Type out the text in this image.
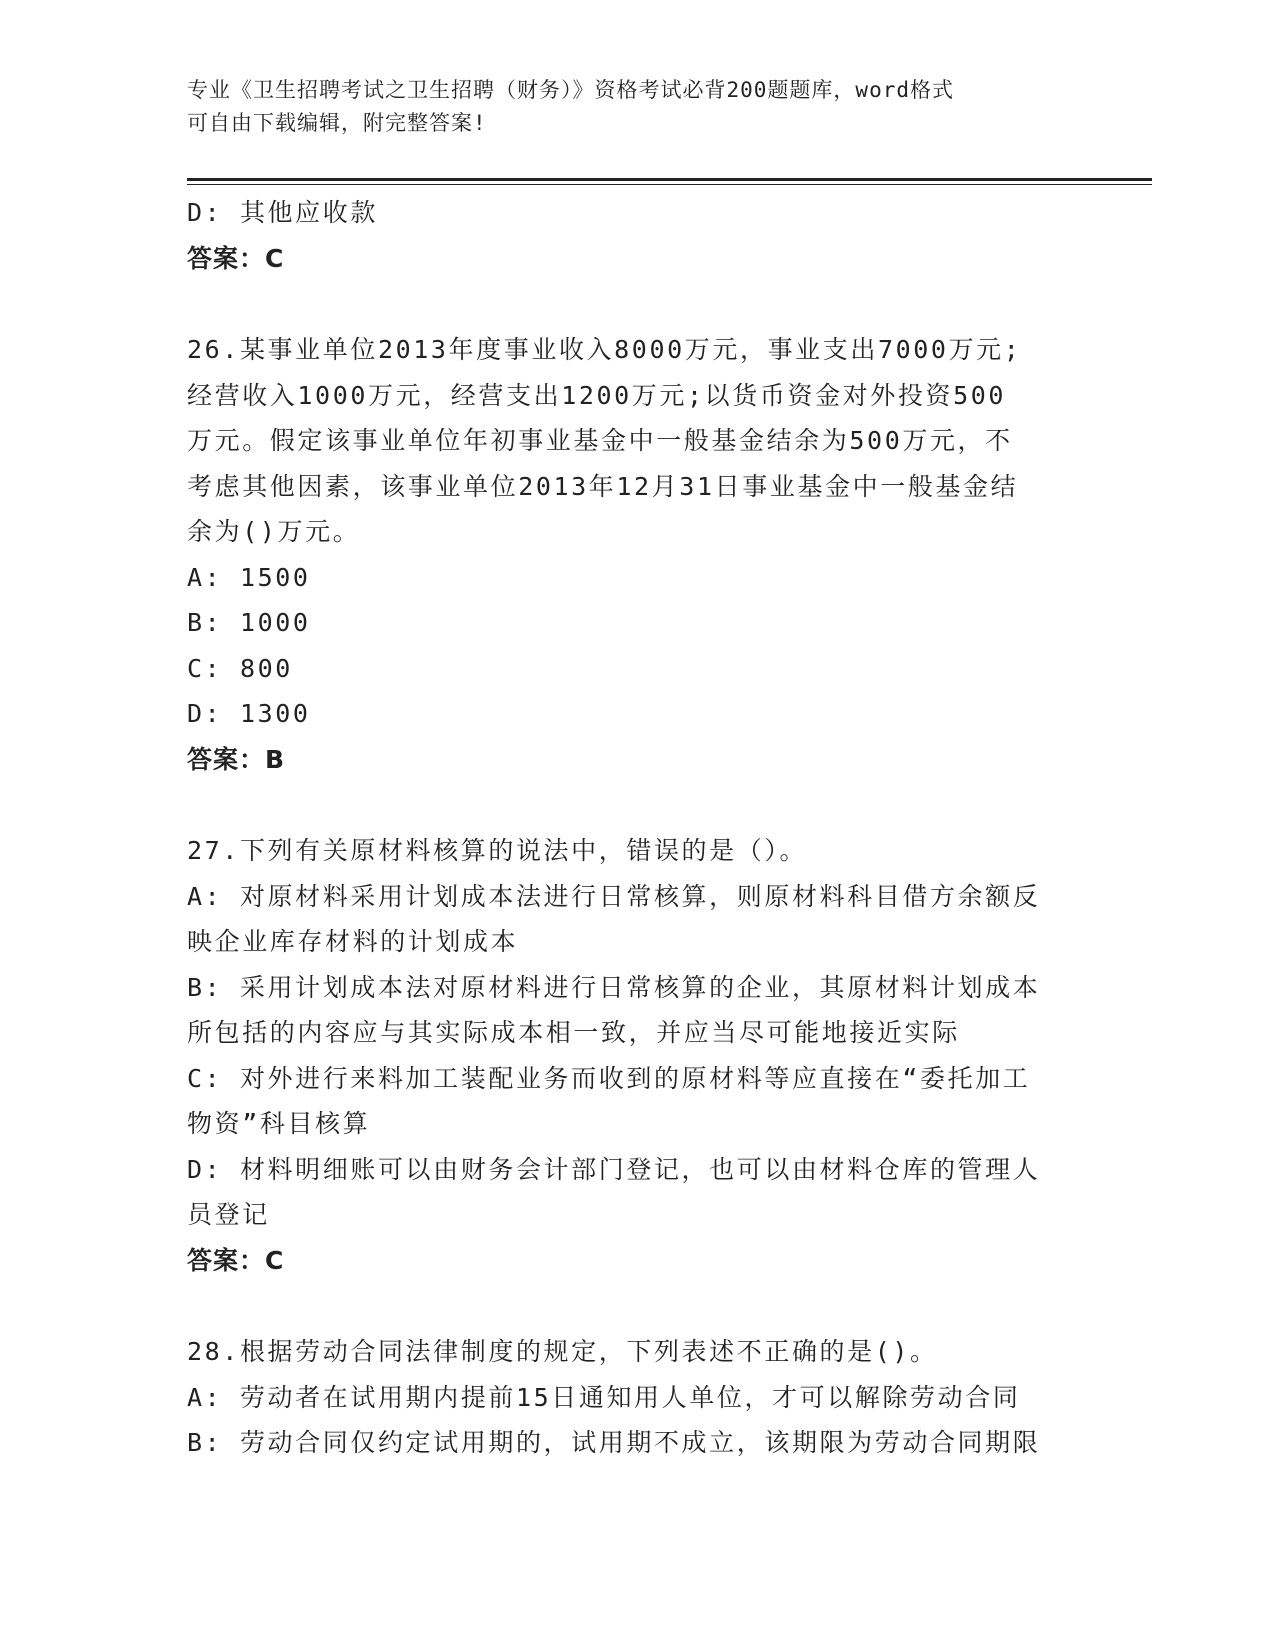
专业《卫生招聘考试之卫生招聘（财务）》资格考试必背200题题库，word格式
可自由下载编辑，附完整答案!
D: 其他应收款
答案：C
26.某事业单位2013年度事业收入8000万元，事业支出7000万元;
经营收入1000万元，经营支出1200万元;以货币资金对外投资500
万元。假定该事业单位年初事业基金中一般基金结余为500万元，不
考虑其他因素，该事业单位2013年12月31日事业基金中一般基金结
余为()万元。
A: 1500
B: 1000
C: 800
D: 1300
答案：B
27.下列有关原材料核算的说法中，错误的是（）。
A: 对原材料采用计划成本法进行日常核算，则原材料科目借方余额反
映企业库存材料的计划成本
B: 采用计划成本法对原材料进行日常核算的企业，其原材料计划成本
所包括的内容应与其实际成本相一致，并应当尽可能地接近实际
C: 对外进行来料加工装配业务而收到的原材料等应直接在“委托加工
物资”科目核算
D: 材料明细账可以由财务会计部门登记，也可以由材料仓库的管理人
员登记
答案：C
28.根据劳动合同法律制度的规定，下列表述不正确的是()。
A: 劳动者在试用期内提前15日通知用人单位，才可以解除劳动合同
B: 劳动合同仅约定试用期的，试用期不成立，该期限为劳动合同期限
